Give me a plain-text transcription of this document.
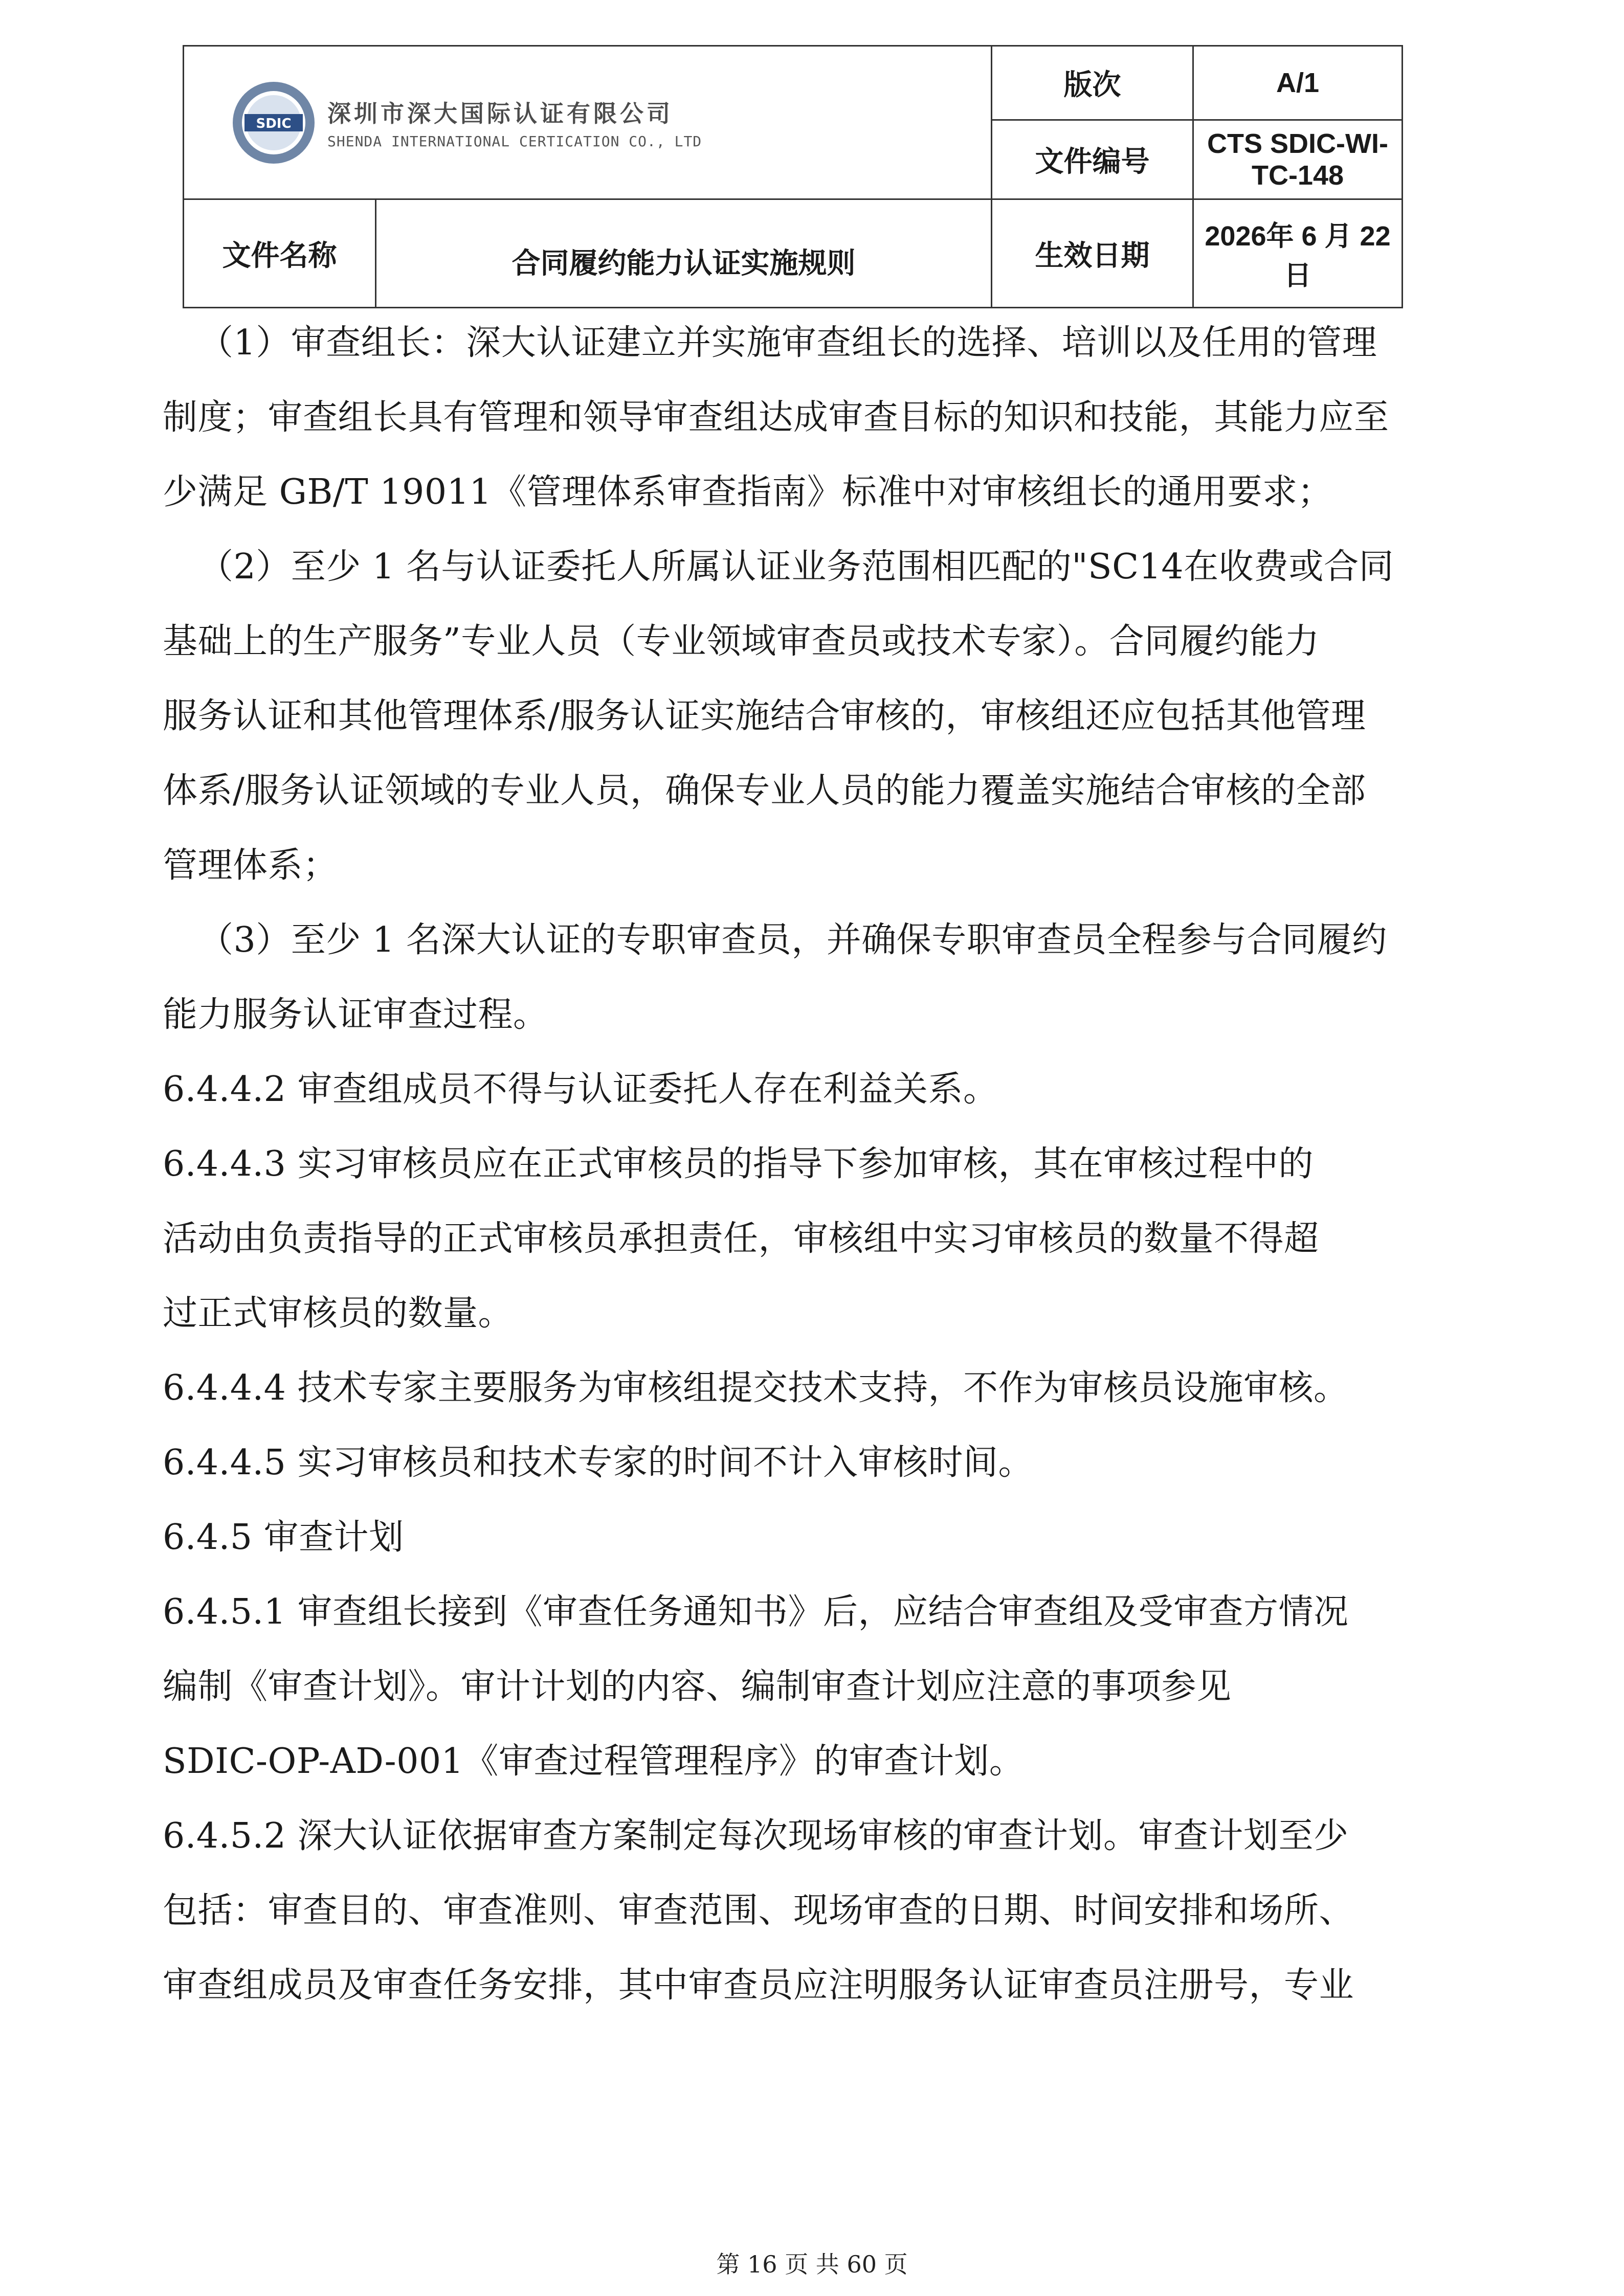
SDIC 深圳市深大国际认证有限公司
SHENDA INTERNATIONAL CERTICATION CO., LTD		版次	A/1
		文件编号	CTS SDIC-WI-TC-148
文件名称	合同履约能力认证实施规则	生效日期	2026年 6 月 22 日

（1）审查组长：深大认证建立并实施审查组长的选择、培训以及任用的管理

制度；审查组长具有管理和领导审查组达成审查目标的知识和技能，其能力应至

少满足 GB/T 19011《管理体系审查指南》标准中对审核组长的通用要求；

（2）至少 1 名与认证委托人所属认证业务范围相匹配的"SC14在收费或合同

基础上的生产服务”专业人员（专业领域审查员或技术专家）。合同履约能力

服务认证和其他管理体系/服务认证实施结合审核的，审核组还应包括其他管理

体系/服务认证领域的专业人员，确保专业人员的能力覆盖实施结合审核的全部

管理体系；

（3）至少 1 名深大认证的专职审查员，并确保专职审查员全程参与合同履约

能力服务认证审查过程。

6.4.4.2 审查组成员不得与认证委托人存在利益关系。

6.4.4.3 实习审核员应在正式审核员的指导下参加审核，其在审核过程中的

活动由负责指导的正式审核员承担责任，审核组中实习审核员的数量不得超

过正式审核员的数量。

6.4.4.4 技术专家主要服务为审核组提交技术支持，不作为审核员设施审核。

6.4.4.5 实习审核员和技术专家的时间不计入审核时间。

6.4.5 审查计划

6.4.5.1 审查组长接到《审查任务通知书》后，应结合审查组及受审查方情况

编制《审查计划》。审计计划的内容、编制审查计划应注意的事项参见

SDIC-OP-AD-001《审查过程管理程序》的审查计划。

6.4.5.2 深大认证依据审查方案制定每次现场审核的审查计划。审查计划至少

包括：审查目的、审查准则、审查范围、现场审查的日期、时间安排和场所、

审查组成员及审查任务安排，其中审查员应注明服务认证审查员注册号，专业

第 16 页 共 60 页
